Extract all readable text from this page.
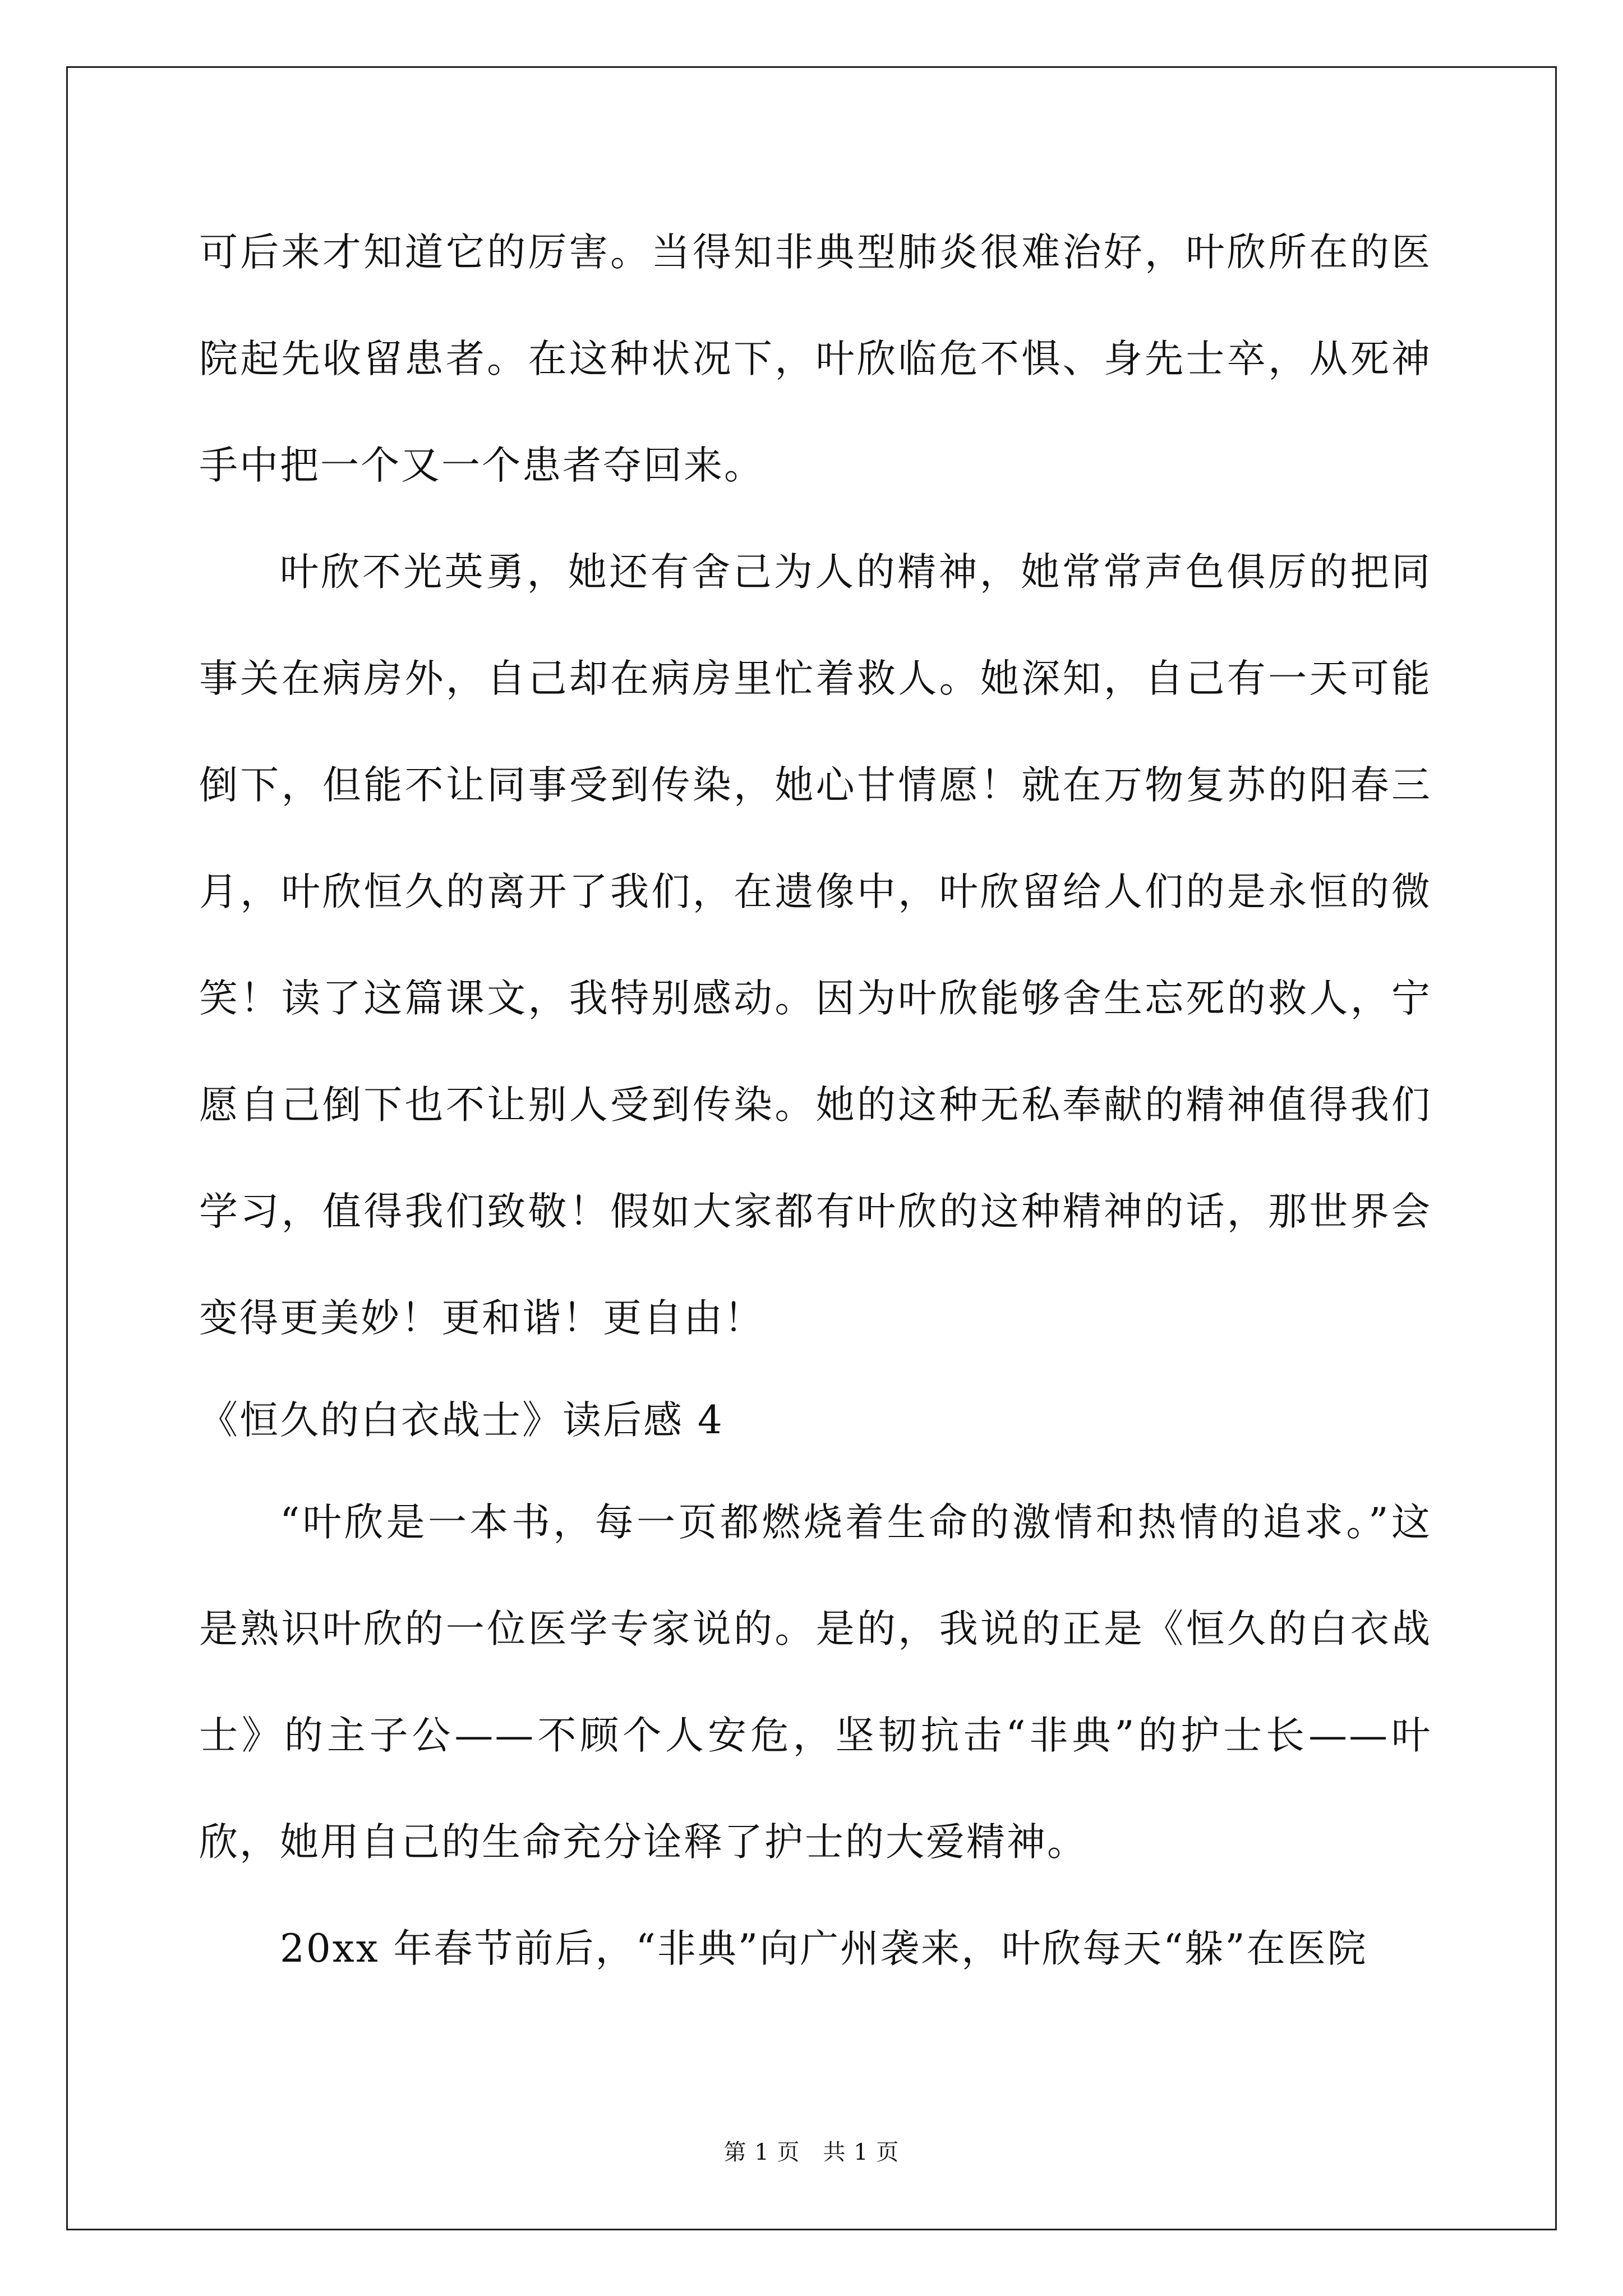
可后来才知道它的厉害。当得知非典型肺炎很难治好，叶欣所在的医院起先收留患者。在这种状况下，叶欣临危不惧、身先士卒，从死神手中把一个又一个患者夺回来。

叶欣不光英勇，她还有舍己为人的精神，她常常声色俱厉的把同事关在病房外，自己却在病房里忙着救人。她深知，自己有一天可能倒下，但能不让同事受到传染，她心甘情愿！就在万物复苏的阳春三月，叶欣恒久的离开了我们，在遗像中，叶欣留给人们的是永恒的微笑！读了这篇课文，我特别感动。因为叶欣能够舍生忘死的救人，宁愿自己倒下也不让别人受到传染。她的这种无私奉献的精神值得我们学习，值得我们致敬！假如大家都有叶欣的这种精神的话，那世界会变得更美妙！更和谐！更自由！

《恒久的白衣战士》读后感 4

“叶欣是一本书，每一页都燃烧着生命的激情和热情的追求。”这是熟识叶欣的一位医学专家说的。是的，我说的正是《恒久的白衣战士》的主子公——不顾个人安危，坚韧抗击“非典”的护士长——叶欣，她用自己的生命充分诠释了护士的大爱精神。

20xx 年春节前后，“非典”向广州袭来，叶欣每天“躲”在医院

第 1 页　共 1 页
